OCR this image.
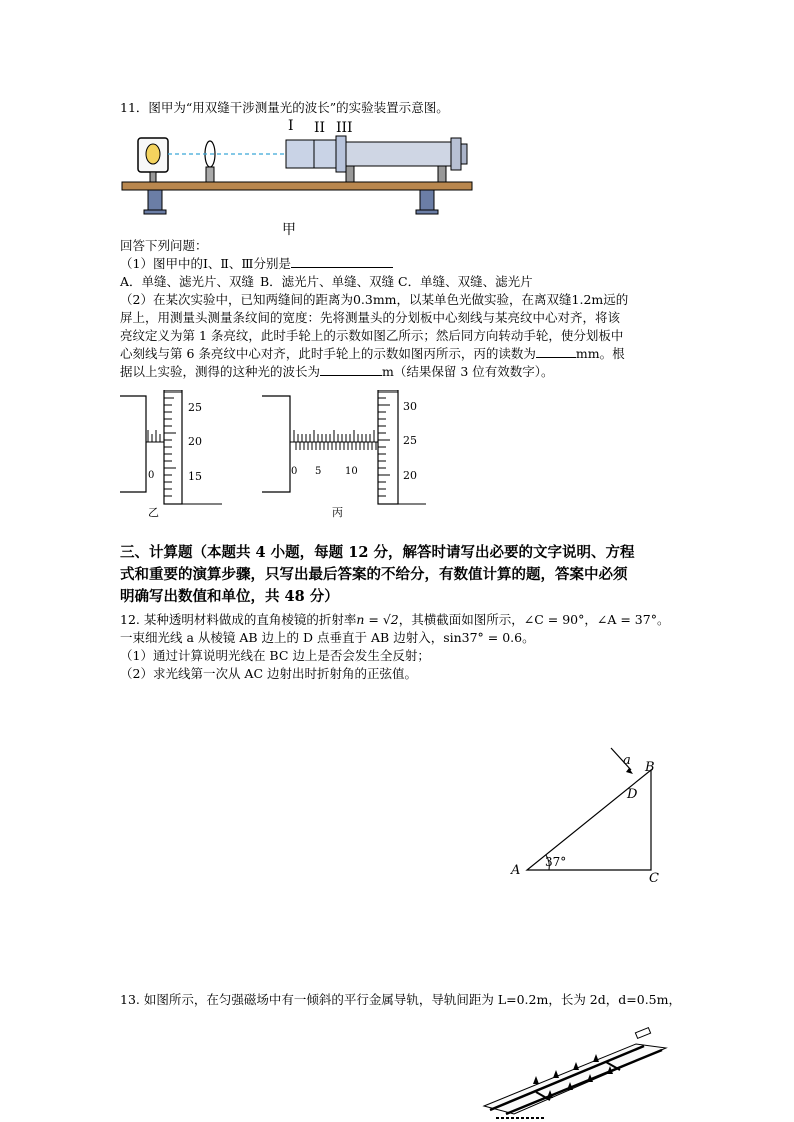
11．图甲为“用双缝干涉测量光的波长”的实验装置示意图。
I II III
甲
回答下列问题：
（1）图甲中的Ⅰ、Ⅱ、Ⅲ分别是
A．单缝、滤光片、双缝 B．滤光片、单缝、双缝 C．单缝、双缝、滤光片
（2）在某次实验中，已知两缝间的距离为0.3mm，以某单色光做实验，在离双缝1.2m远的
屏上，用测量头测量条纹间的宽度：先将测量头的分划板中心刻线与某亮纹中心对齐，将该
亮纹定义为第 1 条亮纹，此时手轮上的示数如图乙所示；然后同方向转动手轮，使分划板中
心刻线与第 6 条亮纹中心对齐，此时手轮上的示数如图丙所示，丙的读数为	mm。根
据以上实验，测得的这种光的波长为	m（结果保留 3 位有效数字）。
0
25
20
15
乙
0 5 10
30
25
20
丙
三、计算题（本题共 4 小题，每题 12 分，解答时请写出必要的文字说明、方程
式和重要的演算步骤，只写出最后答案的不给分，有数值计算的题，答案中必须
明确写出数值和单位，共 48 分）
12. 某种透明材料做成的直角棱镜的折射率n = √2，其横截面如图所示，∠C = 90°，∠A = 37°。
一束细光线 a 从棱镜 AB 边上的 D 点垂直于 AB 边射入，sin37° = 0.6。
（1）通过计算说明光线在 BC 边上是否会发生全反射；
（2）求光线第一次从 AC 边射出时折射角的正弦值。
a B
D
A
C
37°
13. 如图所示，在匀强磁场中有一倾斜的平行金属导轨，导轨间距为 L=0.2m，长为 2d，d=0.5m，
